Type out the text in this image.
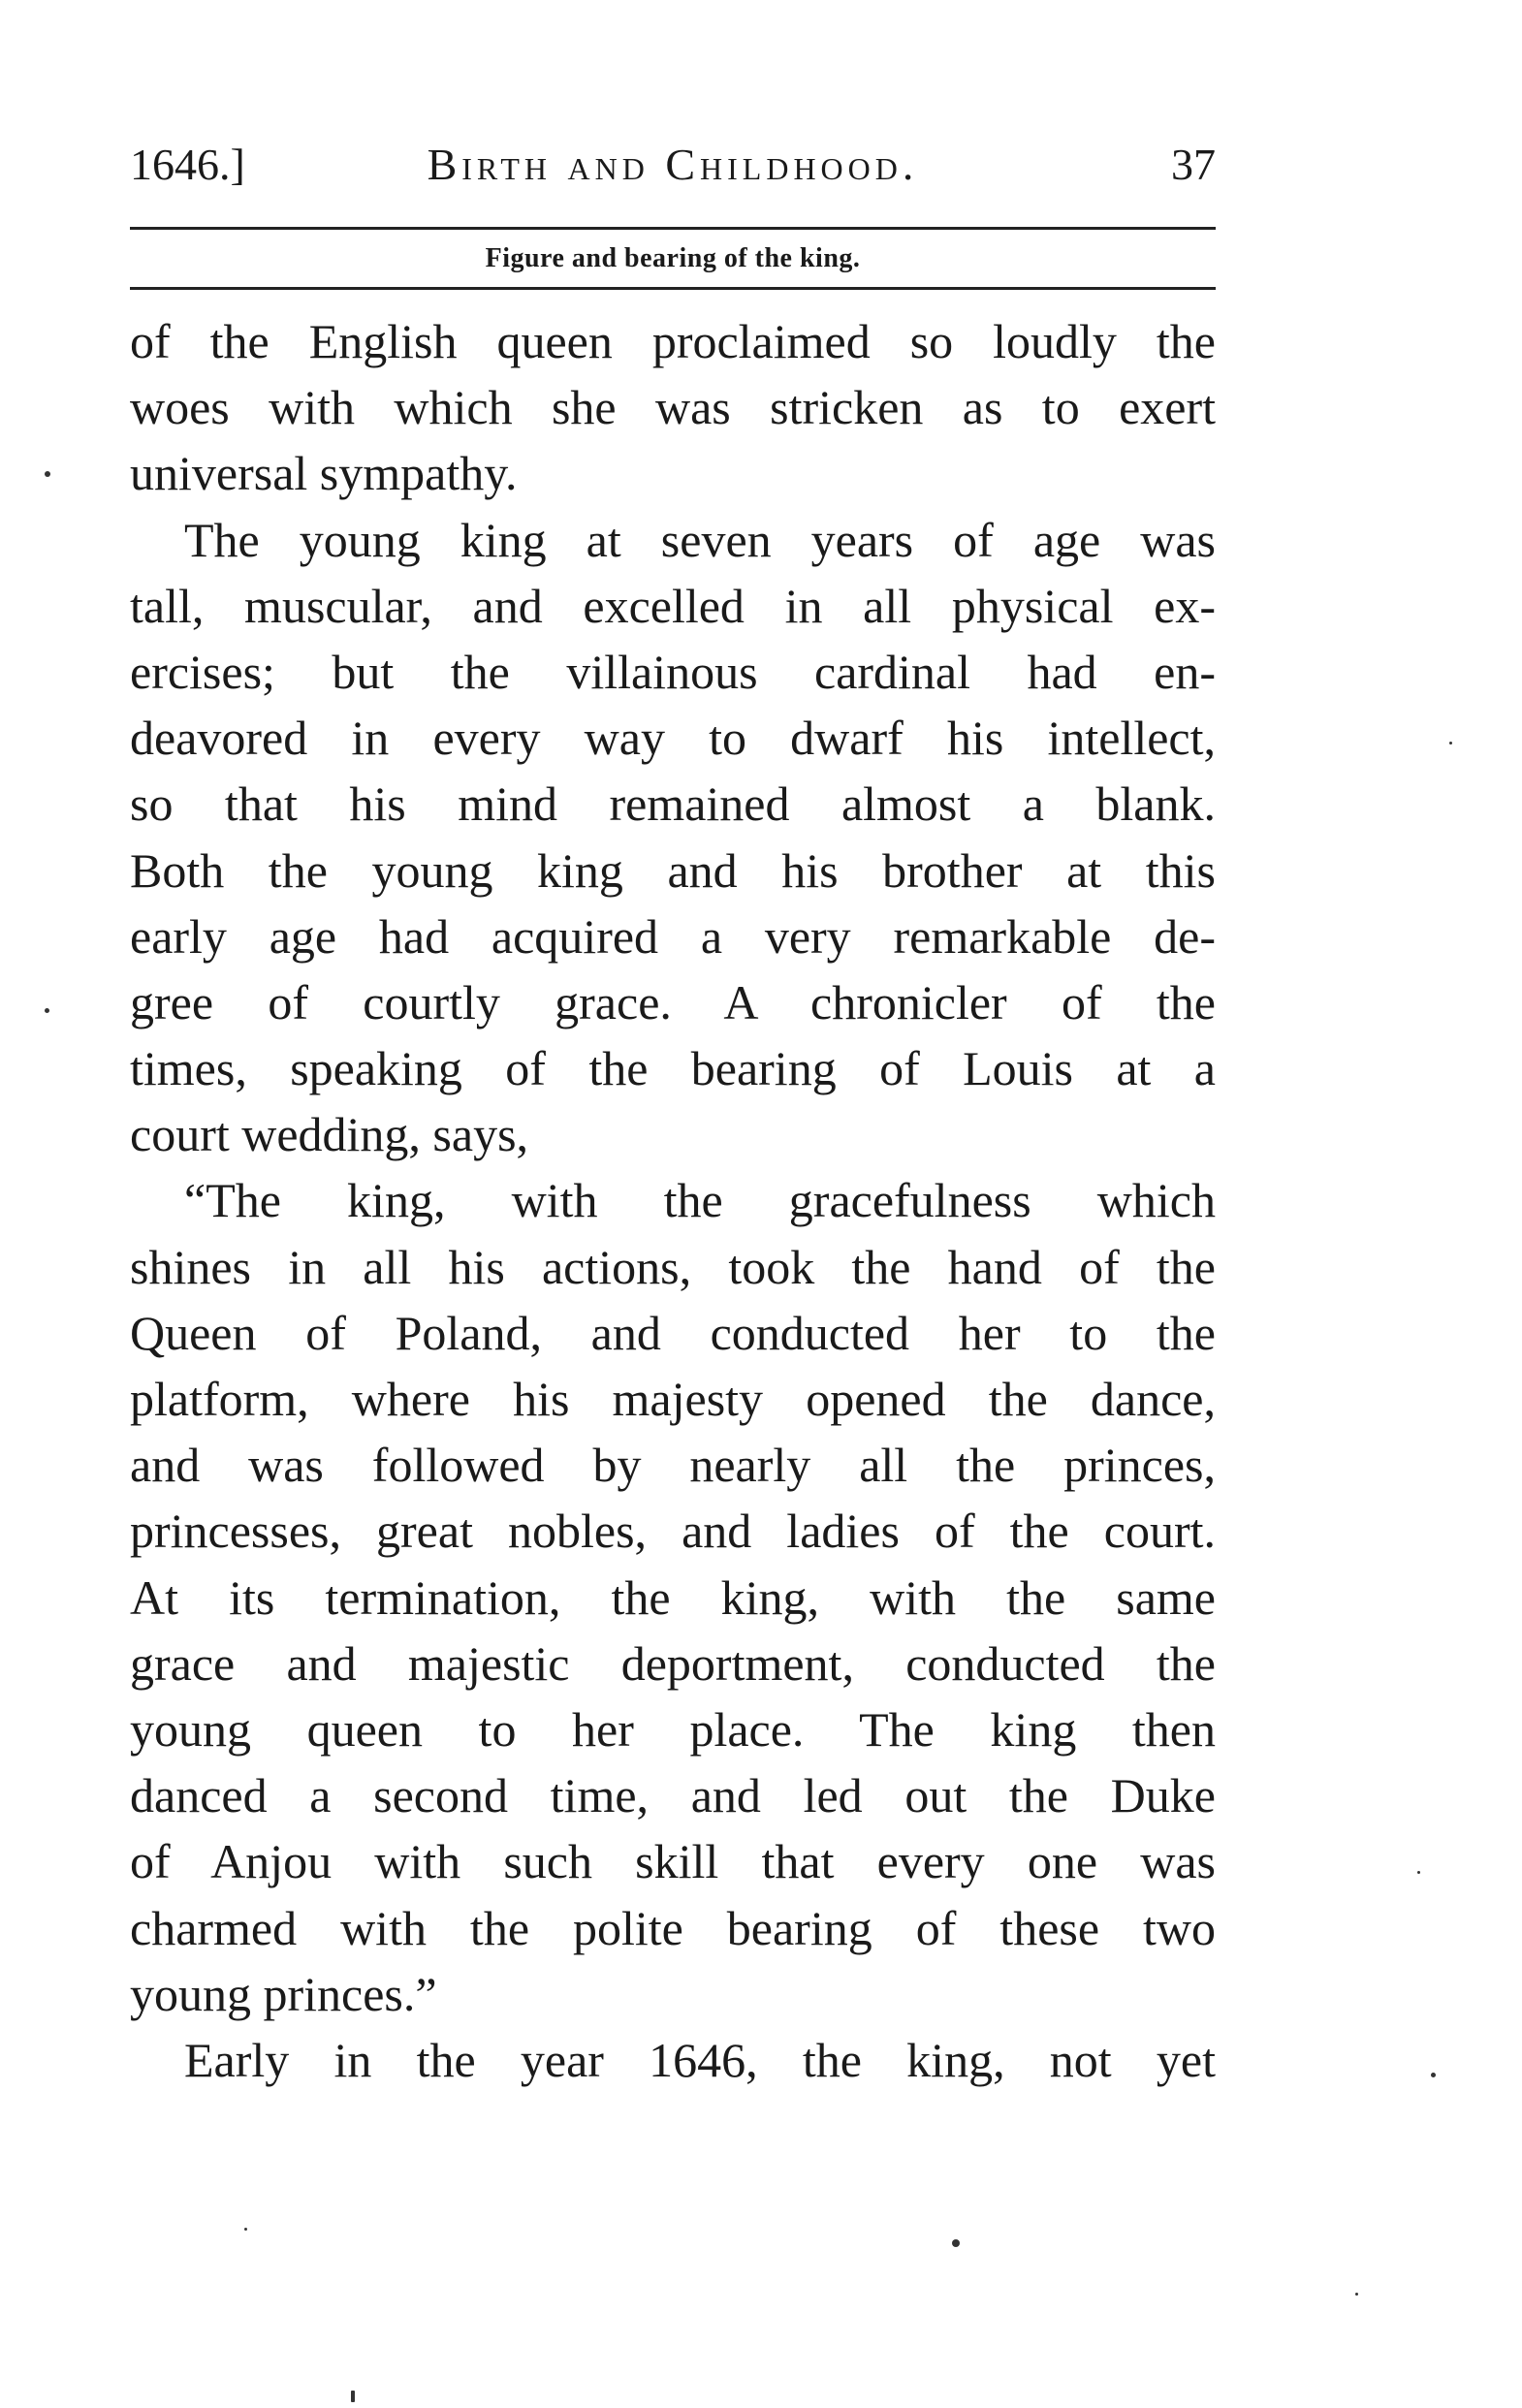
1646.]	Birth and Childhood.	37
Figure and bearing of the king.
of the English queen proclaimed so loudly the
woes with which she was stricken as to exert
universal sympathy.
The young king at seven years of age was
tall, muscular, and excelled in all physical ex-
ercises; but the villainous cardinal had en-
deavored in every way to dwarf his intellect,
so that his mind remained almost a blank.
Both the young king and his brother at this
early age had acquired a very remarkable de-
gree of courtly grace. A chronicler of the
times, speaking of the bearing of Louis at a
court wedding, says,
“The king, with the gracefulness which
shines in all his actions, took the hand of the
Queen of Poland, and conducted her to the
platform, where his majesty opened the dance,
and was followed by nearly all the princes,
princesses, great nobles, and ladies of the court.
At its termination, the king, with the same
grace and majestic deportment, conducted the
young queen to her place. The king then
danced a second time, and led out the Duke
of Anjou with such skill that every one was
charmed with the polite bearing of these two
young princes.”
Early in the year 1646, the king, not yet
